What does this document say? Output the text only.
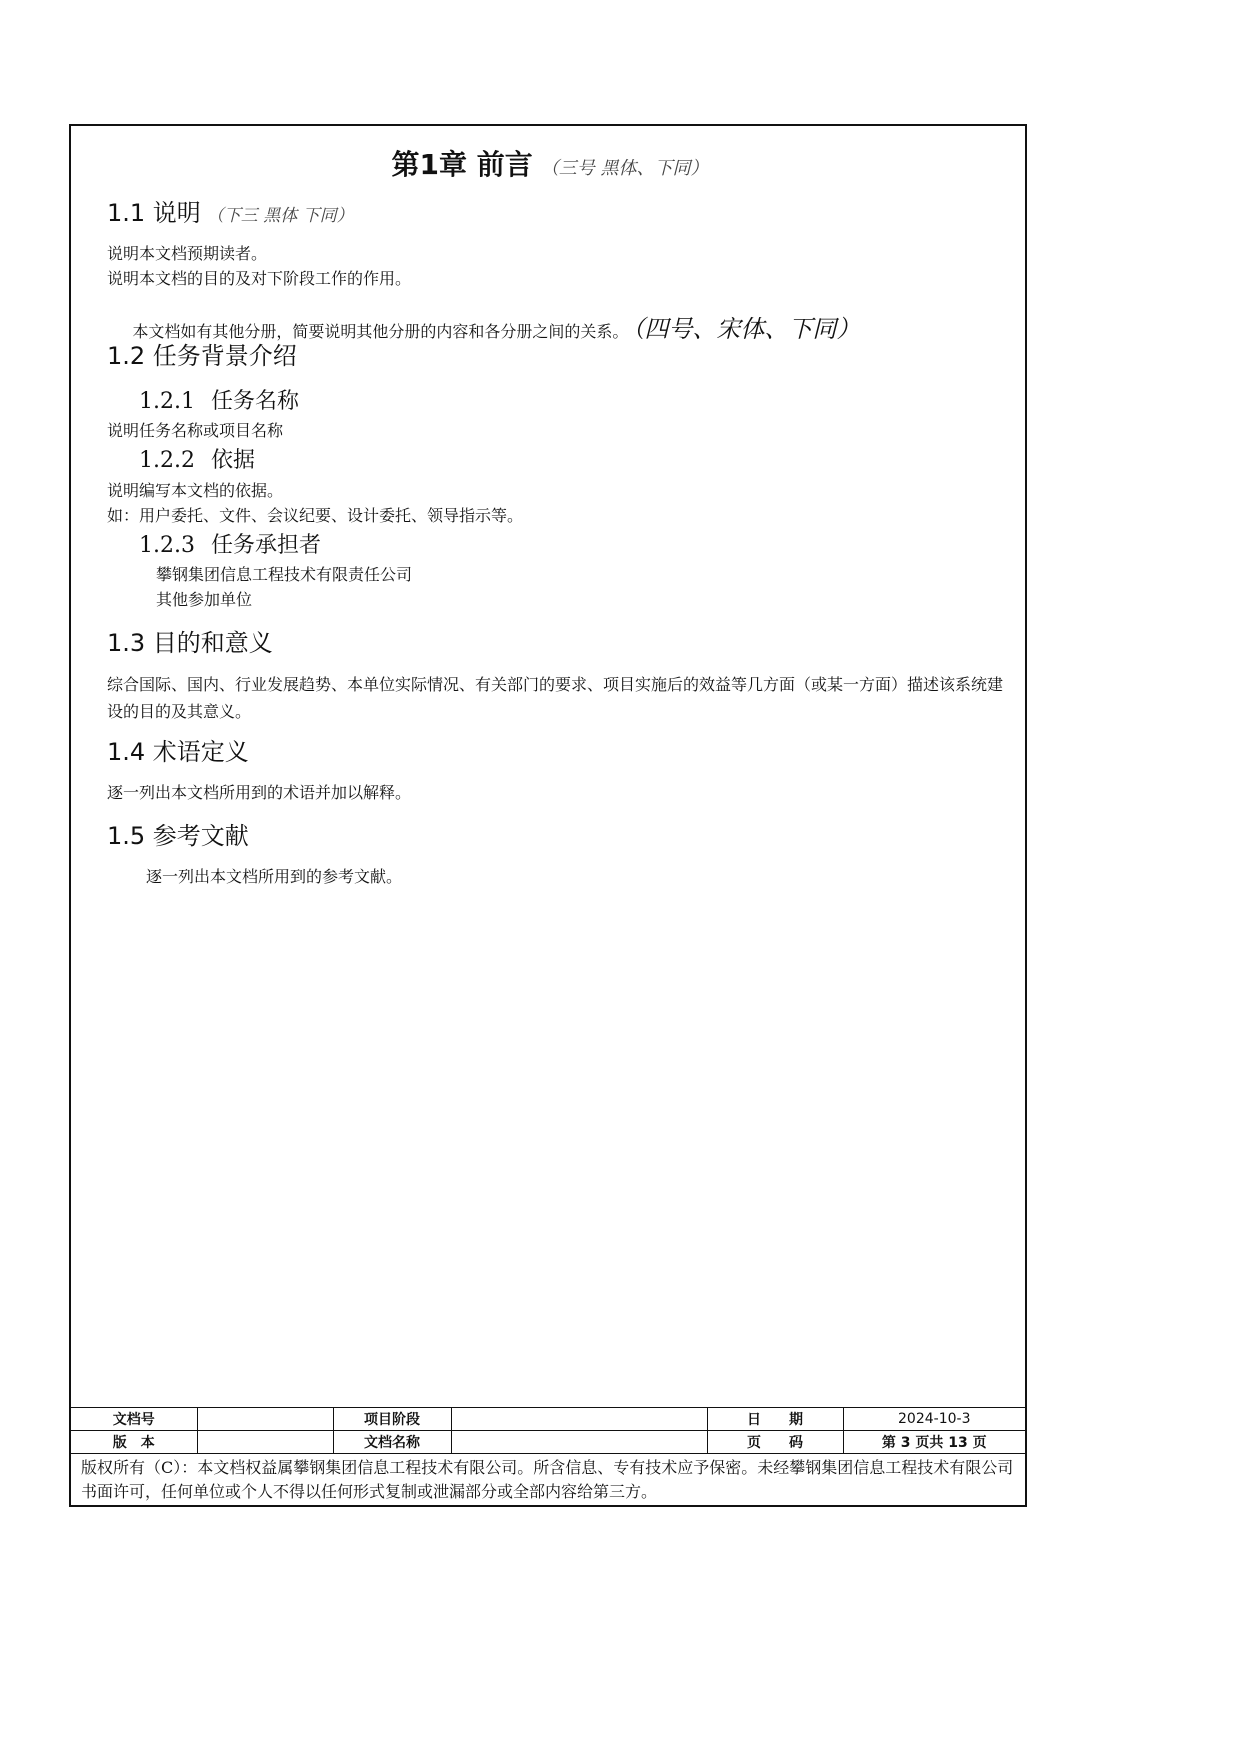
第1章 前言 （三号 黑体、下同）
1.1 说明 （下三 黑体 下同）
说明本文档预期读者。
说明本文档的目的及对下阶段工作的作用。

本文档如有其他分册，简要说明其他分册的内容和各分册之间的关系。 （四号、宋体、下同）

1.2 任务背景介绍
1.2.1 任务名称
说明任务名称或项目名称
1.2.2 依据
说明编写本文档的依据。
如：用户委托、文件、会议纪要、设计委托、领导指示等。
1.2.3 任务承担者
攀钢集团信息工程技术有限责任公司
其他参加单位
1.3 目的和意义
综合国际、国内、行业发展趋势、本单位实际情况、有关部门的要求、项目实施后的效益等几方面（或某一方面）描述该系统建设的目的及其意义。
1.4 术语定义
逐一列出本文档所用到的术语并加以解释。
1.5 参考文献
逐一列出本文档所用到的参考文献。
文档号		项目阶段		日　　期	2024-10-3
版　本		文档名称		页　　码	第 3 页共 13 页
版权所有（C）：本文档权益属攀钢集团信息工程技术有限公司。所含信息、专有技术应予保密。未经攀钢集团信息工程技术有限公司书面许可，任何单位或个人不得以任何形式复制或泄漏部分或全部内容给第三方。
